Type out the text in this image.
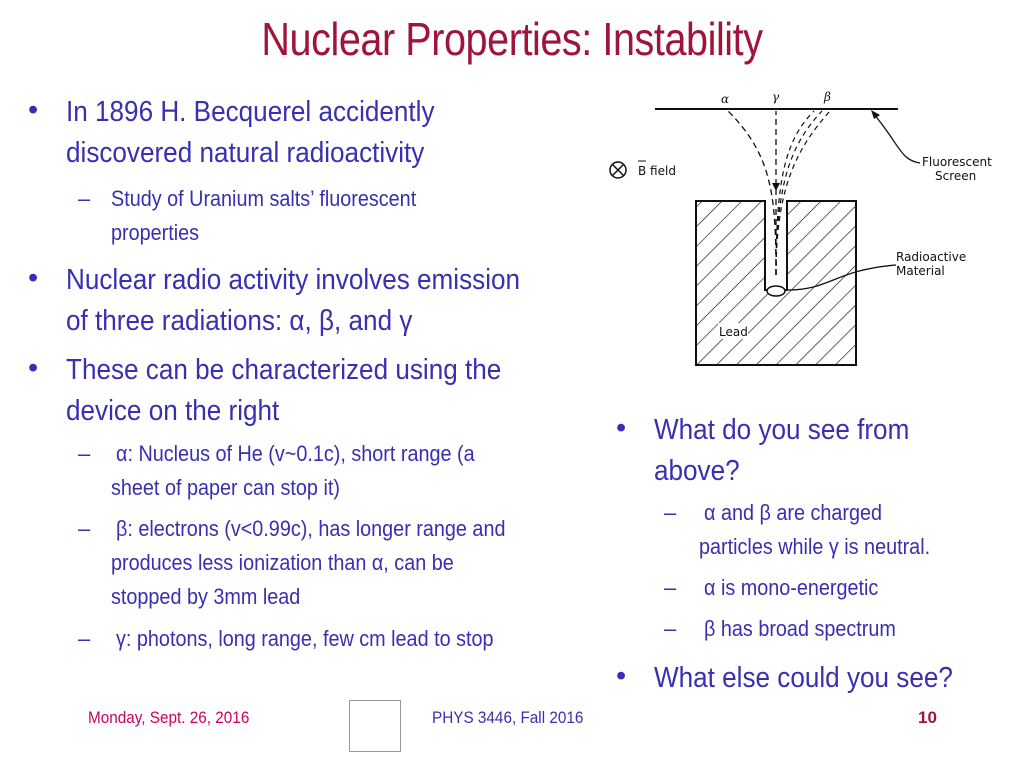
Nuclear Properties: Instability
• In 1896 H. Becquerel accidently
discovered natural radioactivity
– Study of Uranium salts’ fluorescent
properties
• Nuclear radio activity involves emission
of three radiations: α, β, and γ
• These can be characterized using the
device on the right
– α: Nucleus of He (v~0.1c), short range (a
sheet of paper can stop it)
– β: electrons (v<0.99c), has longer range and
produces less ionization than α, can be
stopped by 3mm lead
– γ: photons, long range, few cm lead to stop
α	γ	β
B field
Lead
Fluorescent
Screen
Radioactive
Material
• What do you see from
above?
– α and β are charged
particles while γ is neutral.
– α is mono-energetic
– β has broad spectrum
• What else could you see?
Monday, Sept. 26, 2016	PHYS 3446, Fall 2016	10
